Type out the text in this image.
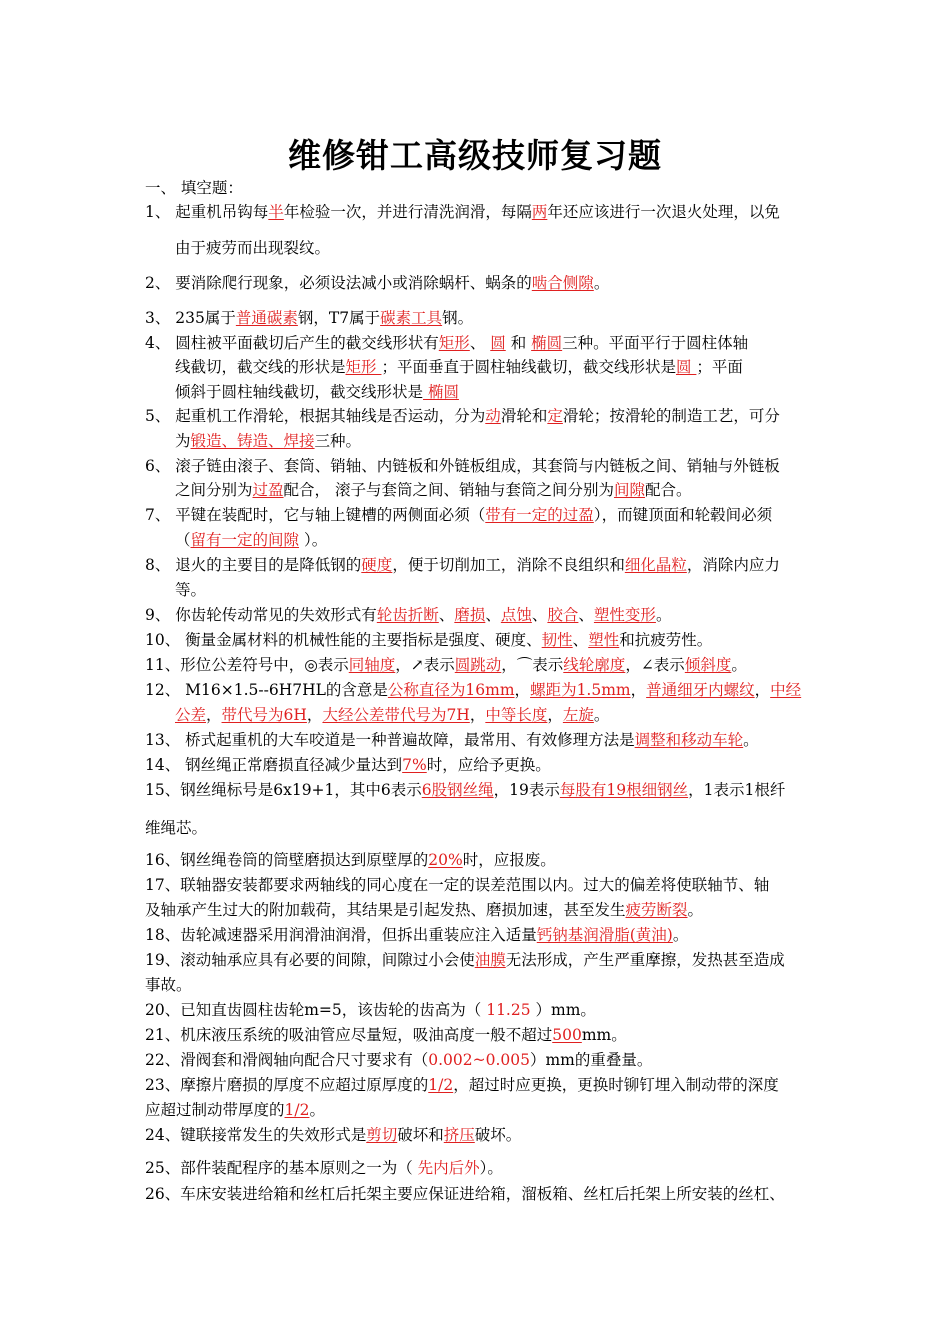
维修钳工高级技师复习题
一、 填空题：
1、 起重机吊钩每半年检验一次，并进行清洗润滑，每隔两年还应该进行一次退火处理，以免
由于疲劳而出现裂纹。
2、 要消除爬行现象，必须设法减小或消除蜗杆、蜗条的啮合侧隙。
3、 235属于普通碳素钢，T7属于碳素工具钢。
4、 圆柱被平面截切后产生的截交线形状有矩形、 圆 和 椭圆三种。平面平行于圆柱体轴
线截切，截交线的形状是矩形 ；平面垂直于圆柱轴线截切，截交线形状是圆 ；平面
倾斜于圆柱轴线截切，截交线形状是 椭圆
5、 起重机工作滑轮，根据其轴线是否运动，分为动滑轮和定滑轮；按滑轮的制造工艺，可分
为锻造、铸造、焊接三种。
6、 滚子链由滚子、套筒、销轴、内链板和外链板组成，其套筒与内链板之间、销轴与外链板
之间分别为过盈配合， 滚子与套筒之间、销轴与套筒之间分别为间隙配合。
7、 平键在装配时，它与轴上键槽的两侧面必须（带有一定的过盈），而键顶面和轮毂间必须
（留有一定的间隙 ）。
8、 退火的主要目的是降低钢的硬度，便于切削加工，消除不良组织和细化晶粒，消除内应力
等。
9、 你齿轮传动常见的失效形式有轮齿折断、磨损、点蚀、胶合、塑性变形。
10、 衡量金属材料的机械性能的主要指标是强度、硬度、韧性、塑性和抗疲劳性。
11、形位公差符号中，◎表示同轴度，↗表示圆跳动，⌒表示线轮廓度，∠表示倾斜度。
12、 M16×1.5--6H7HL的含意是公称直径为16mm，螺距为1.5mm，普通细牙内螺纹，中经
公差，带代号为6H，大经公差带代号为7H，中等长度，左旋。
13、 桥式起重机的大车咬道是一种普遍故障，最常用、有效修理方法是调整和移动车轮。
14、 钢丝绳正常磨损直径减少量达到7%时，应给予更换。
15、钢丝绳标号是6x19+1，其中6表示6股钢丝绳，19表示每股有19根细钢丝，1表示1根纤
维绳芯。
16、钢丝绳卷筒的筒壁磨损达到原壁厚的20%时，应报废。
17、联轴器安装都要求两轴线的同心度在一定的误差范围以内。过大的偏差将使联轴节、轴
及轴承产生过大的附加载荷，其结果是引起发热、磨损加速，甚至发生疲劳断裂。
18、齿轮减速器采用润滑油润滑，但拆出重装应注入适量钙钠基润滑脂(黄油)。
19、滚动轴承应具有必要的间隙，间隙过小会使油膜无法形成，产生严重摩擦，发热甚至造成
事故。
20、已知直齿圆柱齿轮m=5，该齿轮的齿高为（ 11.25 ）mm。
21、机床液压系统的吸油管应尽量短，吸油高度一般不超过500mm。
22、滑阀套和滑阀轴向配合尺寸要求有（0.002~0.005）mm的重叠量。
23、摩擦片磨损的厚度不应超过原厚度的1/2，超过时应更换，更换时铆钉埋入制动带的深度
应超过制动带厚度的1/2。
24、键联接常发生的失效形式是剪切破坏和挤压破坏。
25、部件装配程序的基本原则之一为（ 先内后外）。
26、车床安装进给箱和丝杠后托架主要应保证进给箱，溜板箱、丝杠后托架上所安装的丝杠、
